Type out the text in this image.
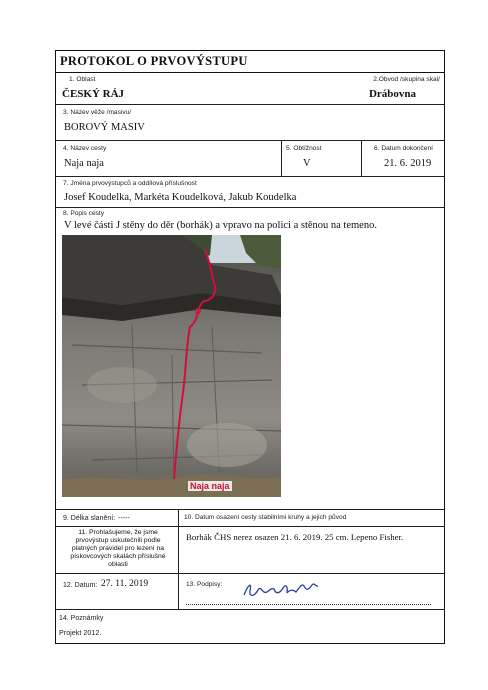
PROTOKOL O PRVOVÝSTUPU
1. Oblast
ČESKÝ RÁJ
2.Obvod /skupina skal/
Drábovna
3. Název věže /masivu/
BOROVÝ MASIV
4. Název cesty
Naja naja
5. Obtížnost
V
6. Datum dokončení
21. 6. 2019
7. Jména prvovýstupců a oddílová příslušnost
Josef Koudelka, Markéta Koudelková, Jakub Koudelka
8. Popis cesty
V levé části J stěny do děr (borhák) a vpravo na polici a stěnou na temeno.
Naja naja
9. Délka slanění: -----	10. Datum osazení cesty stabilními kruhy a jejich původ
11. Prohlašujeme, že jsme prvovýstup uskutečnili podle platných pravidel pro lezení na pískovcových skalách příslušné oblasti
Borhák ČHS nerez osazen 21. 6. 2019. 25 cm. Lepeno Fisher.
12. Datum: 27. 11. 2019	13. Podpisy:
14. Poznámky
Projekt 2012.
